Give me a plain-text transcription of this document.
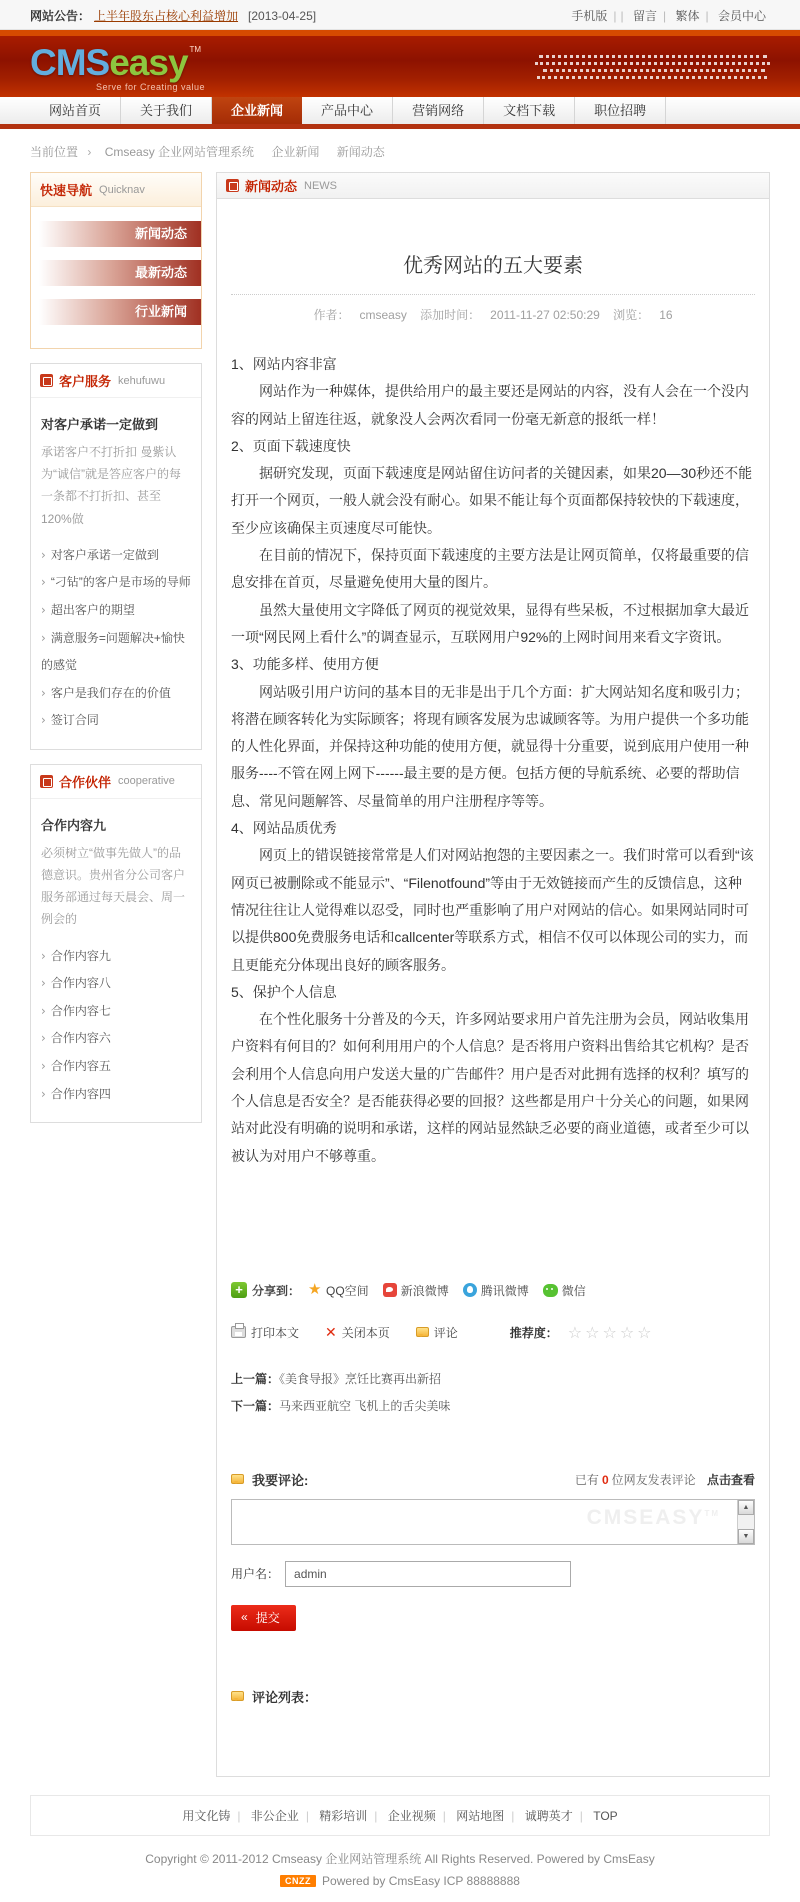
网站公告： 上半年股东占核心利益增加 [2013-04-25]	手机版 | | 留言 | 繁体 | 会员中心
CMS easy TM
Serve for Creating value
网站首页	关于我们	企业新闻	产品中心	营销网络	文档下载	职位招聘
当前位置 › Cmseasy 企业网站管理系统 企业新闻 新闻动态
快速导航 Quicknav
新闻动态
最新动态
行业新闻
客户服务 kehufuwu
对客户承诺一定做到
承诺客户不打折扣 曼紫认为“诚信”就是答应客户的每一条都不打折扣、甚至120%做
› 对客户承诺一定做到
› “刁钻”的客户是市场的导师
› 超出客户的期望
› 满意服务=问题解决+愉快的感觉
› 客户是我们存在的价值
› 签订合同
合作伙伴 cooperative
合作内容九
必须树立“做事先做人”的品德意识。贵州省分公司客户服务部通过每天晨会、周一例会的
› 合作内容九
› 合作内容八
› 合作内容七
› 合作内容六
› 合作内容五
› 合作内容四
新闻动态 NEWS
优秀网站的五大要素
作者： cmseasy 添加时间： 2011-11-27 02:50:29 浏览： 16

1、网站内容非富

网站作为一种媒体，提供给用户的最主要还是网站的内容，没有人会在一个没内容的网站上留连往返，就象没人会两次看同一份毫无新意的报纸一样！

2、页面下载速度快

据研究发现，页面下载速度是网站留住访问者的关键因素，如果20—30秒还不能打开一个网页，一般人就会没有耐心。如果不能让每个页面都保持较快的下载速度，至少应该确保主页速度尽可能快。

在目前的情况下，保持页面下载速度的主要方法是让网页简单，仅将最重要的信息安排在首页，尽量避免使用大量的图片。

虽然大量使用文字降低了网页的视觉效果，显得有些呆板，不过根据加拿大最近一项“网民网上看什么”的调查显示，互联网用户92%的上网时间用来看文字资讯。

3、功能多样、使用方便

网站吸引用户访问的基本目的无非是出于几个方面：扩大网站知名度和吸引力；将潜在顾客转化为实际顾客；将现有顾客发展为忠诚顾客等。为用户提供一个多功能的人性化界面，并保持这种功能的使用方便，就显得十分重要，说到底用户使用一种服务----不管在网上网下------最主要的是方便。包括方便的导航系统、必要的帮助信息、常见问题解答、尽量简单的用户注册程序等等。

4、网站品质优秀

网页上的错误链接常常是人们对网站抱怨的主要因素之一。我们时常可以看到“该网页已被删除或不能显示”、“Filenotfound”等由于无效链接而产生的反馈信息，这种情况往往让人觉得难以忍受，同时也严重影响了用户对网站的信心。如果网站同时可以提供800免费服务电话和callcenter等联系方式，相信不仅可以体现公司的实力，而且更能充分体现出良好的顾客服务。

5、保护个人信息

在个性化服务十分普及的今天，许多网站要求用户首先注册为会员，网站收集用户资料有何目的？如何利用用户的个人信息？是否将用户资料出售给其它机构？是否会利用个人信息向用户发送大量的广告邮件？用户是否对此拥有选择的权利？填写的个人信息是否安全？是否能获得必要的回报？这些都是用户十分关心的问题，如果网站对此没有明确的说明和承诺，这样的网站显然缺乏必要的商业道德，或者至少可以被认为对用户不够尊重。

+ 分享到： ★ QQ空间	新浪微博	腾讯微博	微信
打印本文 ✕ 关闭本页	评论	推荐度： ☆☆☆☆☆
上一篇：《美食导报》烹饪比赛再出新招
下一篇：马来西亚航空 飞机上的舌尖美味
我要评论:	已有 0 位网友发表评论 点击查看
CMSEASY™
▲
▼
用户名：
admin
« 提交
评论列表：
用文化铸 | 非公企业 | 精彩培训 | 企业视频 | 网站地图 | 诚聘英才 | TOP
Copyright © 2011-2012 Cmseasy 企业网站管理系统 All Rights Reserved. Powered by CmsEasy
CNZZ Powered by CmsEasy ICP 88888888
